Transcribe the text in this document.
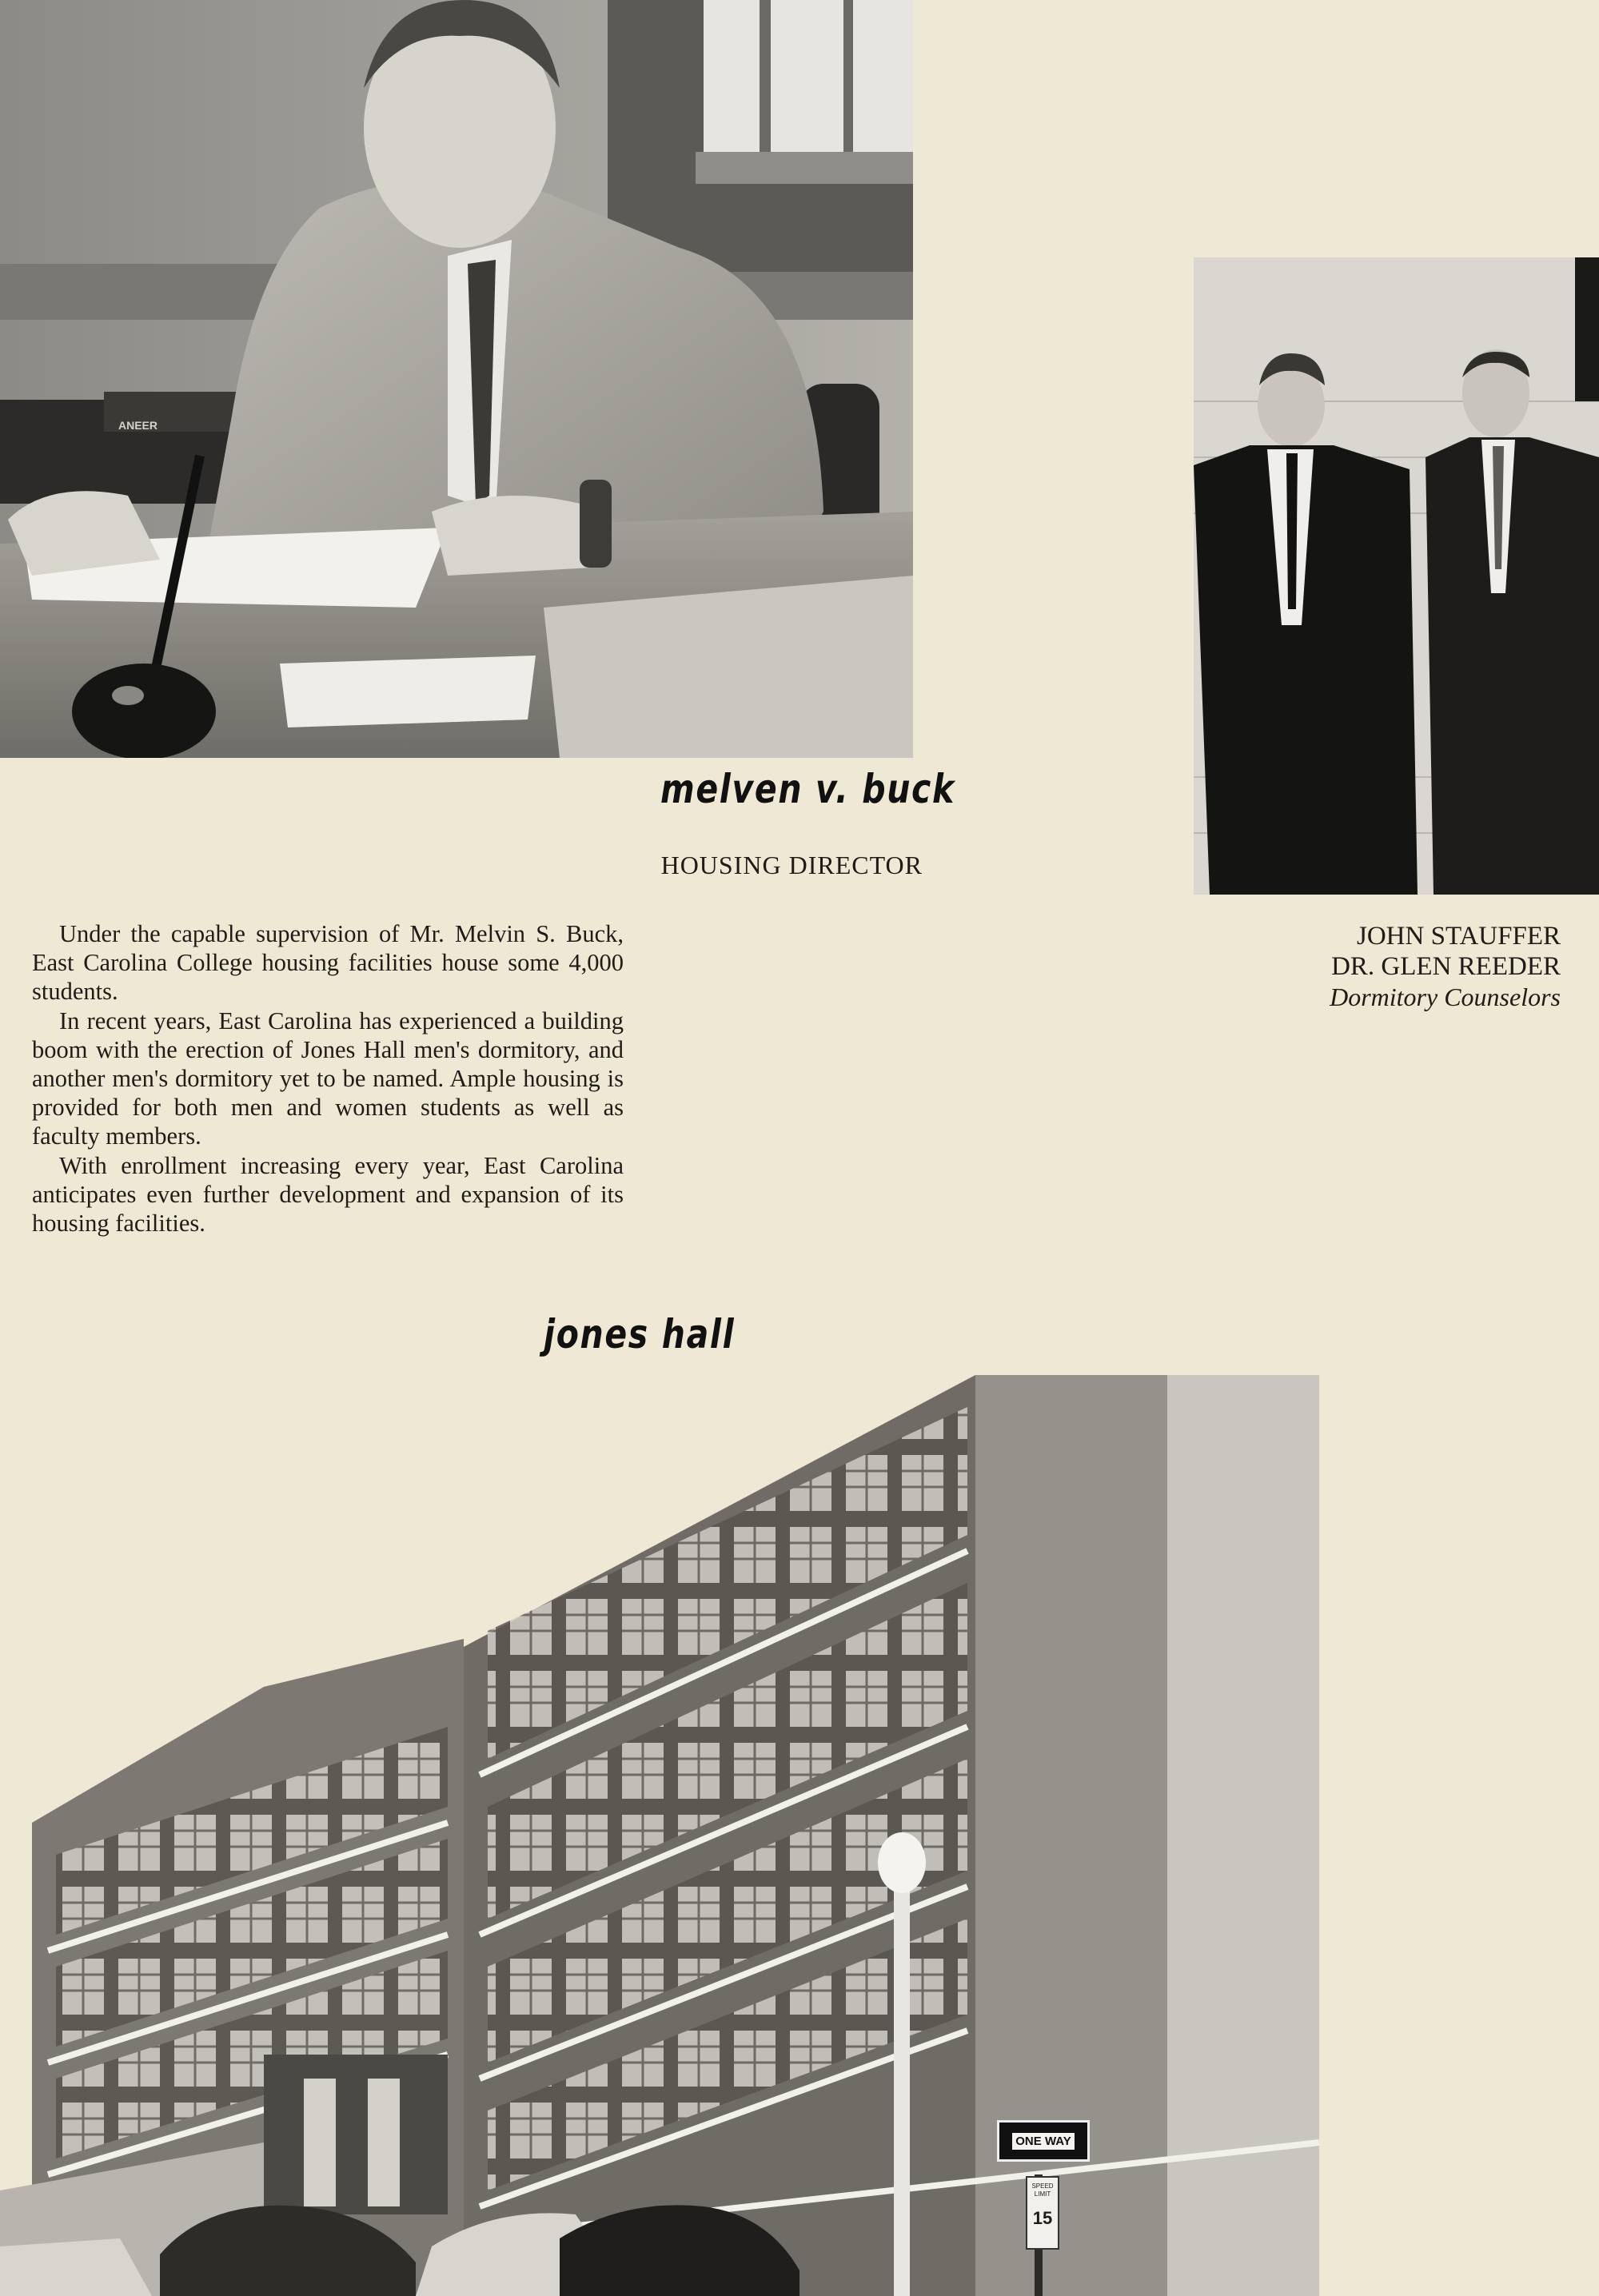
ANEER
melven v. buck
HOUSING DIRECTOR
JOHN STAUFFER
DR. GLEN REEDER
Dormitory Counselors

Under the capable supervision of Mr. Melvin S. Buck, East Carolina College housing facilities house some 4,000 students.

In recent years, East Carolina has experienced a building boom with the erection of Jones Hall men's dormitory, and another men's dormitory yet to be named. Ample housing is provided for both men and women students as well as faculty members.

With enrollment increasing every year, East Carolina anticipates even further development and expansion of its housing facilities.

jones hall
ONE WAY
SPEED LIMIT
15
